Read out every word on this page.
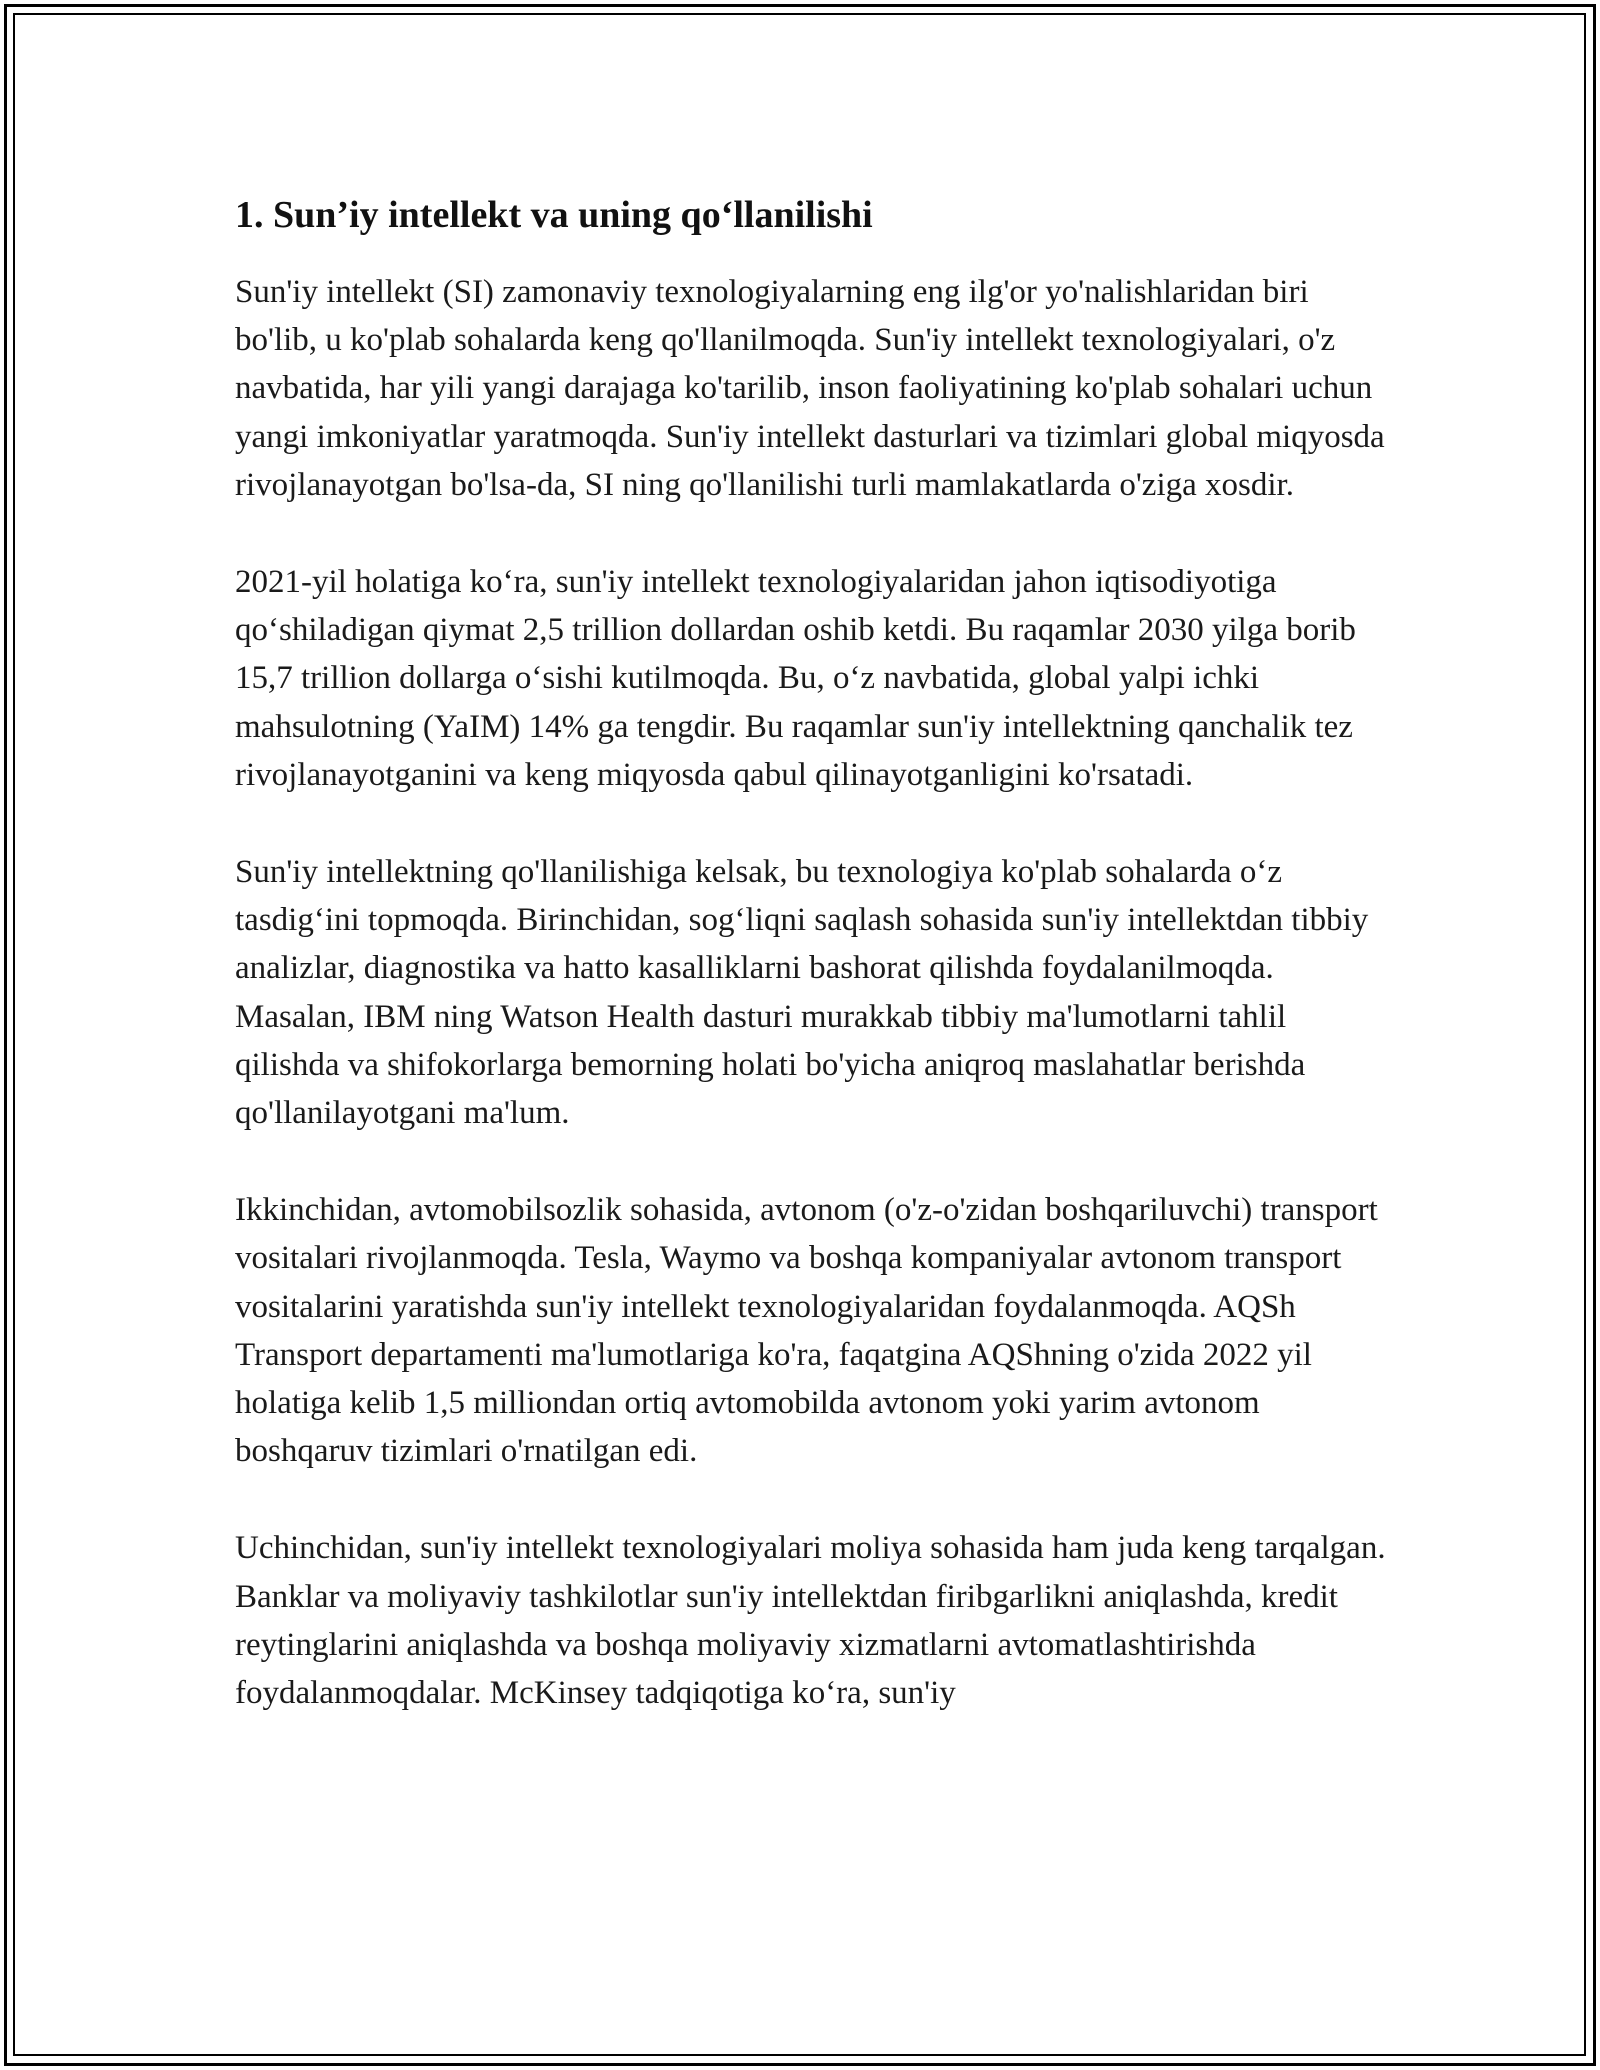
1. Sun’iy intellekt va uning qo‘llanilishi

Sun'iy intellekt (SI) zamonaviy texnologiyalarning eng ilg'or yo'nalishlaridan biri bo'lib, u ko'plab sohalarda keng qo'llanilmoqda. Sun'iy intellekt texnologiyalari, o'z navbatida, har yili yangi darajaga ko'tarilib, inson faoliyatining ko'plab sohalari uchun yangi imkoniyatlar yaratmoqda. Sun'iy intellekt dasturlari va tizimlari global miqyosda rivojlanayotgan bo'lsa-da, SI ning qo'llanilishi turli mamlakatlarda o'ziga xosdir.

2021-yil holatiga ko‘ra, sun'iy intellekt texnologiyalaridan jahon iqtisodiyotiga qo‘shiladigan qiymat 2,5 trillion dollardan oshib ketdi. Bu raqamlar 2030 yilga borib 15,7 trillion dollarga o‘sishi kutilmoqda. Bu, o‘z navbatida, global yalpi ichki mahsulotning (YaIM) 14% ga tengdir. Bu raqamlar sun'iy intellektning qanchalik tez rivojlanayotganini va keng miqyosda qabul qilinayotganligini ko'rsatadi.

Sun'iy intellektning qo'llanilishiga kelsak, bu texnologiya ko'plab sohalarda o‘z tasdig‘ini topmoqda. Birinchidan, sog‘liqni saqlash sohasida sun'iy intellektdan tibbiy analizlar, diagnostika va hatto kasalliklarni bashorat qilishda foydalanilmoqda. Masalan, IBM ning Watson Health dasturi murakkab tibbiy ma'lumotlarni tahlil qilishda va shifokorlarga bemorning holati bo'yicha aniqroq maslahatlar berishda qo'llanilayotgani ma'lum.

Ikkinchidan, avtomobilsozlik sohasida, avtonom (o'z-o'zidan boshqariluvchi) transport vositalari rivojlanmoqda. Tesla, Waymo va boshqa kompaniyalar avtonom transport vositalarini yaratishda sun'iy intellekt texnologiyalaridan foydalanmoqda. AQSh Transport departamenti ma'lumotlariga ko'ra, faqatgina AQShning o'zida 2022 yil holatiga kelib 1,5 milliondan ortiq avtomobilda avtonom yoki yarim avtonom boshqaruv tizimlari o'rnatilgan edi.

Uchinchidan, sun'iy intellekt texnologiyalari moliya sohasida ham juda keng tarqalgan. Banklar va moliyaviy tashkilotlar sun'iy intellektdan firibgarlikni aniqlashda, kredit reytinglarini aniqlashda va boshqa moliyaviy xizmatlarni avtomatlashtirishda foydalanmoqdalar. McKinsey tadqiqotiga ko‘ra, sun'iy
